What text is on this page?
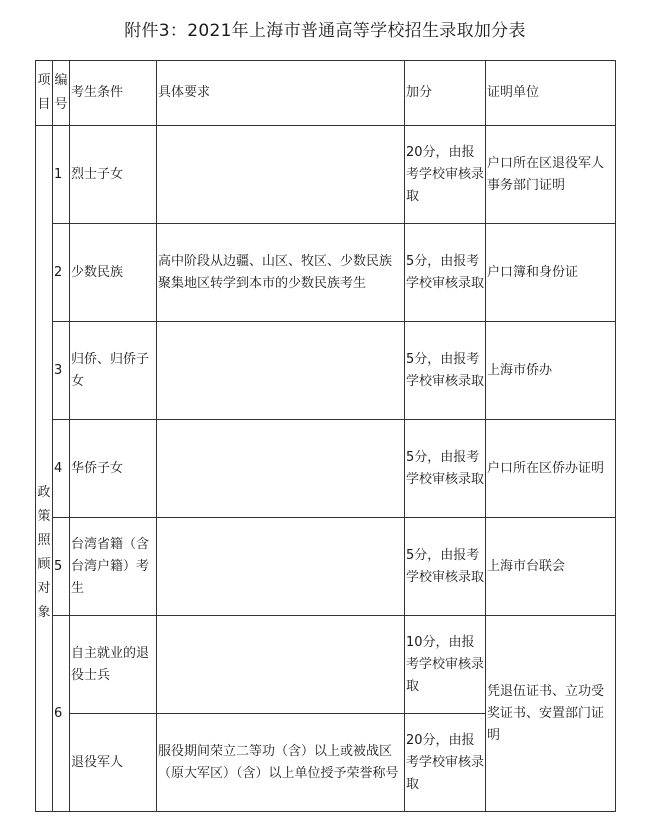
附件3：2021年上海市普通高等学校招生录取加分表
项目	编号	考生条件	具体要求	加分	证明单位
政策照顾对象	1	烈士子女		20分，由报考学校审核录取	户口所在区退役军人事务部门证明
	2	少数民族	高中阶段从边疆、山区、牧区、少数民族聚集地区转学到本市的少数民族考生	5分，由报考学校审核录取	户口簿和身份证
	3	归侨、归侨子女		5分，由报考学校审核录取	上海市侨办
	4	华侨子女		5分，由报考学校审核录取	户口所在区侨办证明
	5	台湾省籍（含台湾户籍）考生		5分，由报考学校审核录取	上海市台联会
	6	自主就业的退役士兵		10分，由报考学校审核录取	凭退伍证书、立功受奖证书、安置部门证明
		退役军人	服役期间荣立二等功（含）以上或被战区（原大军区）（含）以上单位授予荣誉称号	20分，由报考学校审核录取	
